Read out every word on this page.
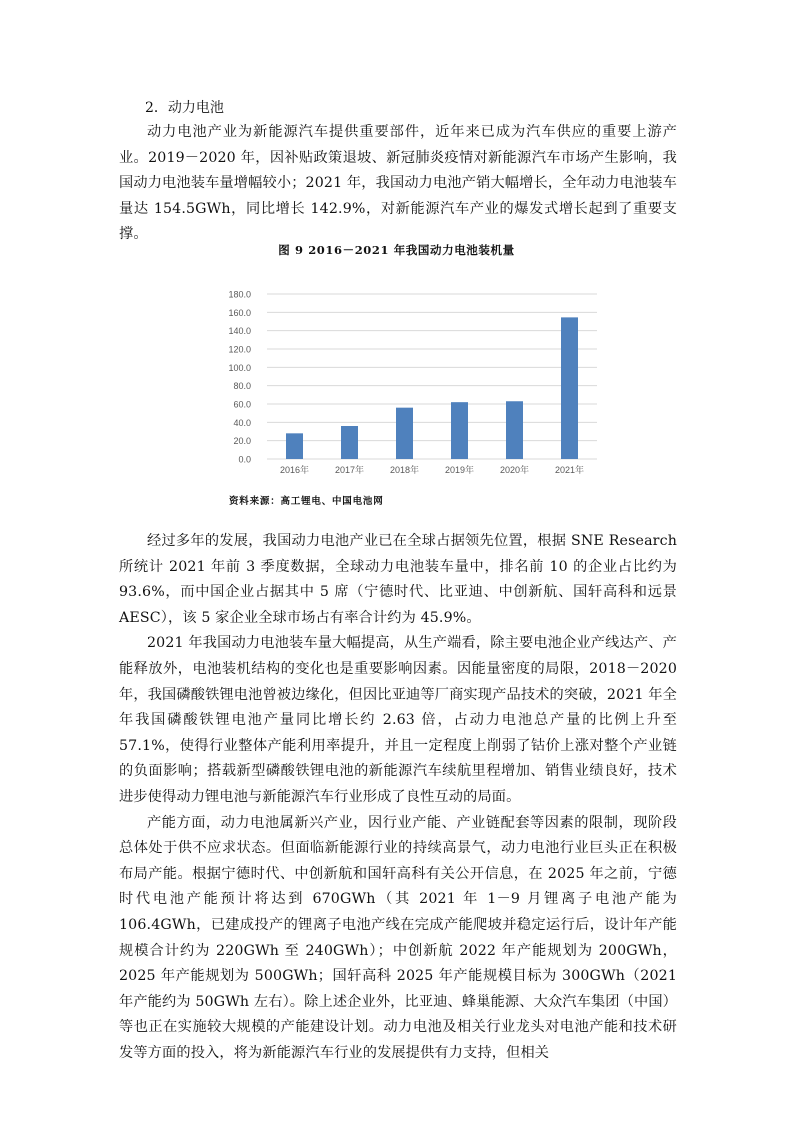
2．动力电池

动力电池产业为新能源汽车提供重要部件，近年来已成为汽车供应的重要上游产业。2019－2020 年，因补贴政策退坡、新冠肺炎疫情对新能源汽车市场产生影响，我国动力电池装车量增幅较小；2021 年，我国动力电池产销大幅增长，全年动力电池装车量达 154.5GWh，同比增长 142.9%，对新能源汽车产业的爆发式增长起到了重要支撑。

图 9 2016－2021 年我国动力电池装机量
0.0
20.0
40.0
60.0
80.0
100.0
120.0
140.0
160.0
180.0
2016年	2017年	2018年	2019年	2020年	2021年
资料来源：高工锂电、中国电池网

经过多年的发展，我国动力电池产业已在全球占据领先位置，根据 SNE Research 所统计 2021 年前 3 季度数据，全球动力电池装车量中，排名前 10 的企业占比约为 93.6%，而中国企业占据其中 5 席（宁德时代、比亚迪、中创新航、国轩高科和远景 AESC），该 5 家企业全球市场占有率合计约为 45.9%。

2021 年我国动力电池装车量大幅提高，从生产端看，除主要电池企业产线达产、产能释放外，电池装机结构的变化也是重要影响因素。因能量密度的局限，2018－2020 年，我国磷酸铁锂电池曾被边缘化，但因比亚迪等厂商实现产品技术的突破，2021 年全年我国磷酸铁锂电池产量同比增长约 2.63 倍，占动力电池总产量的比例上升至 57.1%，使得行业整体产能利用率提升，并且一定程度上削弱了钴价上涨对整个产业链的负面影响；搭载新型磷酸铁锂电池的新能源汽车续航里程增加、销售业绩良好，技术进步使得动力锂电池与新能源汽车行业形成了良性互动的局面。

产能方面，动力电池属新兴产业，因行业产能、产业链配套等因素的限制，现阶段总体处于供不应求状态。但面临新能源行业的持续高景气，动力电池行业巨头正在积极布局产能。根据宁德时代、中创新航和国轩高科有关公开信息，在 2025 年之前，宁德时代电池产能预计将达到 670GWh（其 2021 年 1－9 月锂离子电池产能为 106.4GWh，已建成投产的锂离子电池产线在完成产能爬坡并稳定运行后，设计年产能规模合计约为 220GWh 至 240GWh）；中创新航 2022 年产能规划为 200GWh，2025 年产能规划为 500GWh；国轩高科 2025 年产能规模目标为 300GWh（2021 年产能约为 50GWh 左右）。除上述企业外，比亚迪、蜂巢能源、大众汽车集团（中国）等也正在实施较大规模的产能建设计划。动力电池及相关行业龙头对电池产能和技术研发等方面的投入，将为新能源汽车行业的发展提供有力支持，但相关
